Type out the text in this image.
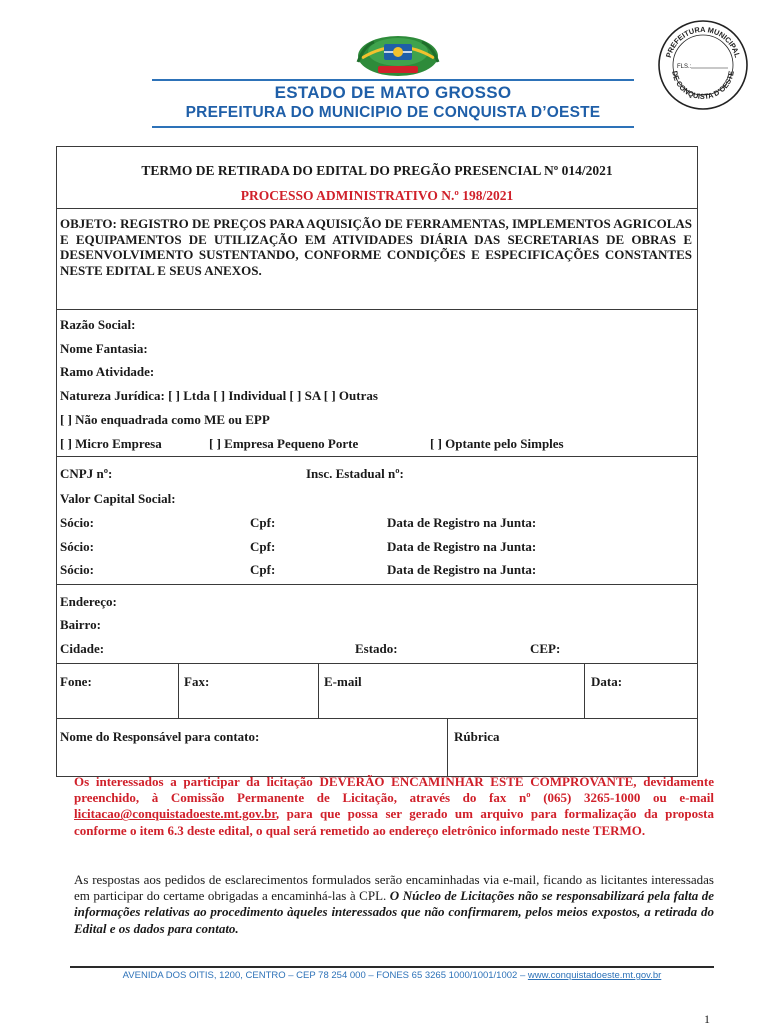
ESTADO DE MATO GROSSO
PREFEITURA DO MUNICIPIO DE CONQUISTA D’OESTE
PREFEITURA MUNICIPAL
DE CONQUISTA D’OESTE
FLS.:
TERMO DE RETIRADA DO EDITAL DO PREGÃO PRESENCIAL Nº 014/2021
PROCESSO ADMINISTRATIVO N.º 198/2021
OBJETO: REGISTRO DE PREÇOS PARA AQUISIÇÃO DE FERRAMENTAS, IMPLEMENTOS AGRICOLAS E EQUIPAMENTOS DE UTILIZAÇÃO EM ATIVIDADES DIÁRIA DAS SECRETARIAS DE OBRAS E DESENVOLVIMENTO SUSTENTANDO, CONFORME CONDIÇÕES E ESPECIFICAÇÕES CONSTANTES NESTE EDITAL E SEUS ANEXOS.
Razão Social:
Nome Fantasia:
Ramo Atividade:
Natureza Jurídica: [ ] Ltda [ ] Individual [ ] SA [ ] Outras
[ ] Não enquadrada como ME ou EPP
[ ] Micro Empresa	[ ] Empresa Pequeno Porte	[ ] Optante pelo Simples
CNPJ nº:	Insc. Estadual nº:
Valor Capital Social:
Sócio:	Cpf:	Data de Registro na Junta:
Sócio:	Cpf:	Data de Registro na Junta:
Sócio:	Cpf:	Data de Registro na Junta:
Endereço:
Bairro:
Cidade:	Estado:	CEP:
Fone:	Fax:	E-mail	Data:
Nome do Responsável para contato:	Rúbrica
Os interessados a participar da licitação DEVERÃO ENCAMINHAR ESTE COMPROVANTE, devidamente preenchido, à Comissão Permanente de Licitação, através do fax nº (065) 3265-1000 ou e-mail licitacao@conquistadoeste.mt.gov.br, para que possa ser gerado um arquivo para formalização da proposta conforme o item 6.3 deste edital, o qual será remetido ao endereço eletrônico informado neste TERMO.
As respostas aos pedidos de esclarecimentos formulados serão encaminhadas via e-mail, ficando as licitantes interessadas em participar do certame obrigadas a encaminhá-las à CPL. O Núcleo de Licitações não se responsabilizará pela falta de informações relativas ao procedimento àqueles interessados que não confirmarem, pelos meios expostos, a retirada do Edital e os dados para contato.
AVENIDA DOS OITIS, 1200, CENTRO – CEP 78 254 000 – FONES 65 3265 1000/1001/1002 – www.conquistadoeste.mt.gov.br
1
